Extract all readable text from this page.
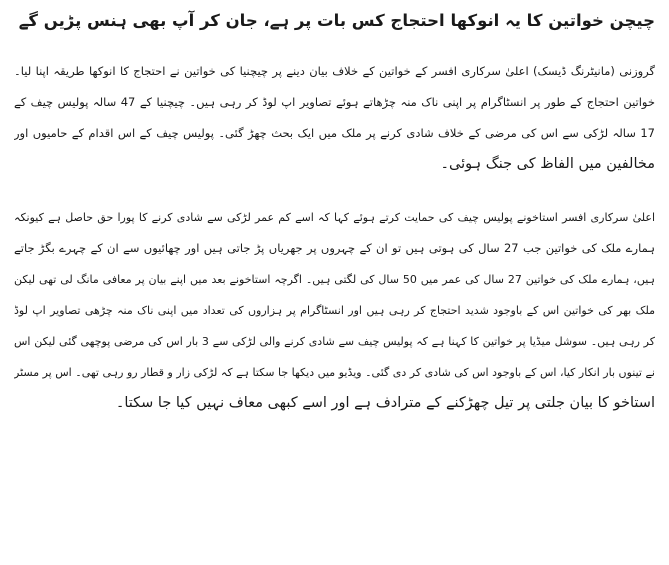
چیچن خواتین کا یہ انوکھا احتجاج کس بات پر ہے، جان کر آپ بھی ہنس پڑیں گے
گروزنی (مانیٹرنگ ڈیسک) اعلیٰ سرکاری افسر کے خواتین کے خلاف بیان دینے پر چیچنیا کی خواتین نے احتجاج کا انوکھا طریقہ اپنا لیا۔
خواتین احتجاج کے طور پر انسٹاگرام پر اپنی ناک منہ چڑھاتے ہوئے تصاویر اپ لوڈ کر رہی ہیں۔ چیچنیا کے 47 سالہ پولیس چیف کے
17 سالہ لڑکی سے اس کی مرضی کے خلاف شادی کرنے پر ملک میں ایک بحث چھڑ گئی۔ پولیس چیف کے اس اقدام کے حامیوں اور
مخالفین میں الفاظ کی جنگ ہوئی۔
اعلیٰ سرکاری افسر استاخونے پولیس چیف کی حمایت کرتے ہوئے کہا کہ اسے کم عمر لڑکی سے شادی کرنے کا پورا حق حاصل ہے کیونکہ
ہمارے ملک کی خواتین جب 27 سال کی ہوتی ہیں تو ان کے چہروں پر جھریاں پڑ جاتی ہیں اور چھائیوں سے ان کے چہرے بگڑ جاتے
ہیں، ہمارے ملک کی خواتین 27 سال کی عمر میں 50 سال کی لگتی ہیں۔ اگرچہ استاخونے بعد میں اپنے بیان پر معافی مانگ لی تھی لیکن
ملک بھر کی خواتین اس کے باوجود شدید احتجاج کر رہی ہیں اور انسٹاگرام پر ہزاروں کی تعداد میں اپنی ناک منہ چڑھی تصاویر اپ لوڈ
کر رہی ہیں۔ سوشل میڈیا پر خواتین کا کہنا ہے کہ پولیس چیف سے شادی کرنے والی لڑکی سے 3 بار اس کی مرضی پوچھی گئی لیکن اس
نے تینوں بار انکار کیا، اس کے باوجود اس کی شادی کر دی گئی۔ ویڈیو میں دیکھا جا سکتا ہے کہ لڑکی زار و قطار رو رہی تھی۔ اس پر مسٹر
استاخو کا بیان جلتی پر تیل چھڑکنے کے مترادف ہے اور اسے کبھی معاف نہیں کیا جا سکتا۔
